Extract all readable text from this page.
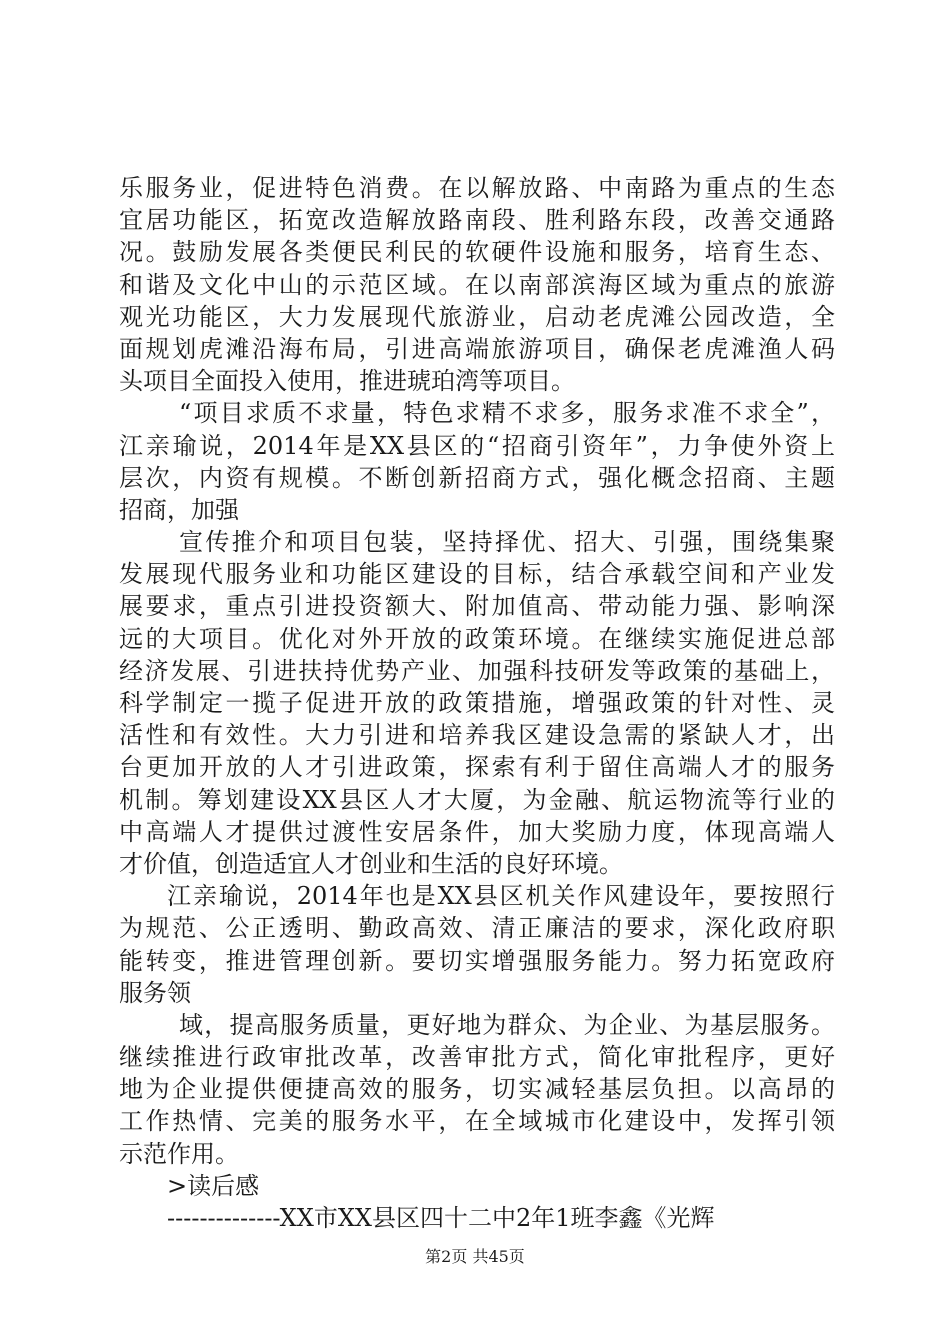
乐服务业，促进特色消费。在以解放路、中南路为重点的生态
宜居功能区，拓宽改造解放路南段、胜利路东段，改善交通路
况。鼓励发展各类便民利民的软硬件设施和服务，培育生态、
和谐及文化中山的示范区域。在以南部滨海区域为重点的旅游
观光功能区，大力发展现代旅游业，启动老虎滩公园改造，全
面规划虎滩沿海布局，引进高端旅游项目，确保老虎滩渔人码
头项目全面投入使用，推进琥珀湾等项目。
“项目求质不求量，特色求精不求多，服务求准不求全”，
江亲瑜说，2014年是XX县区的“招商引资年”，力争使外资上
层次，内资有规模。不断创新招商方式，强化概念招商、主题
招商，加强
宣传推介和项目包装，坚持择优、招大、引强，围绕集聚
发展现代服务业和功能区建设的目标，结合承载空间和产业发
展要求，重点引进投资额大、附加值高、带动能力强、影响深
远的大项目。优化对外开放的政策环境。在继续实施促进总部
经济发展、引进扶持优势产业、加强科技研发等政策的基础上，
科学制定一揽子促进开放的政策措施，增强政策的针对性、灵
活性和有效性。大力引进和培养我区建设急需的紧缺人才，出
台更加开放的人才引进政策，探索有利于留住高端人才的服务
机制。筹划建设XX县区人才大厦，为金融、航运物流等行业的
中高端人才提供过渡性安居条件，加大奖励力度，体现高端人
才价值，创造适宜人才创业和生活的良好环境。
江亲瑜说，2014年也是XX县区机关作风建设年，要按照行
为规范、公正透明、勤政高效、清正廉洁的要求，深化政府职
能转变，推进管理创新。要切实增强服务能力。努力拓宽政府
服务领
域，提高服务质量，更好地为群众、为企业、为基层服务。
继续推进行政审批改革，改善审批方式，简化审批程序，更好
地为企业提供便捷高效的服务，切实减轻基层负担。以高昂的
工作热情、完美的服务水平，在全域城市化建设中，发挥引领
示范作用。
>读后感
--------------XX市XX县区四十二中2年1班李鑫《光辉
第2页 共45页
